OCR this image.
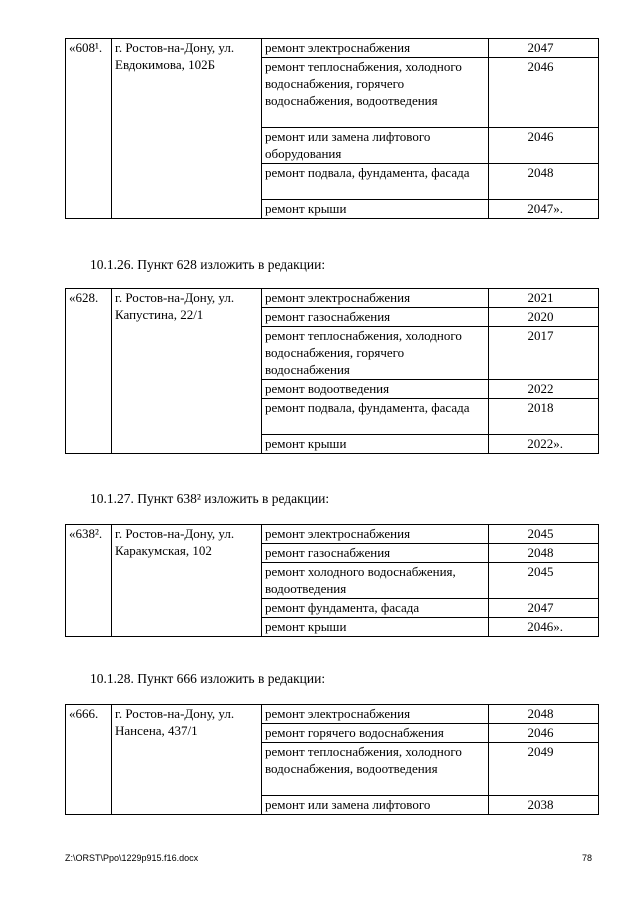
«608¹.	г. Ростов-на-Дону, ул. Евдокимова, 102Б	ремонт электроснабжения	2047
		ремонт теплоснабжения, холодного водоснабжения, горячего водоснабжения, водоотведения	2046
		ремонт или замена лифтового оборудования	2046
		ремонт подвала, фундамента, фасада	2048
		ремонт крыши	2047».
10.1.26. Пункт 628 изложить в редакции:
«628.	г. Ростов-на-Дону, ул. Капустина, 22/1	ремонт электроснабжения	2021
		ремонт газоснабжения	2020
		ремонт теплоснабжения, холодного водоснабжения, горячего водоснабжения	2017
		ремонт водоотведения	2022
		ремонт подвала, фундамента, фасада	2018
		ремонт крыши	2022».
10.1.27. Пункт 638² изложить в редакции:
«638².	г. Ростов-на-Дону, ул. Каракумская, 102	ремонт электроснабжения	2045
		ремонт газоснабжения	2048
		ремонт холодного водоснабжения, водоотведения	2045
		ремонт фундамента, фасада	2047
		ремонт крыши	2046».
10.1.28. Пункт 666 изложить в редакции:
«666.	г. Ростов-на-Дону, ул. Нансена, 437/1	ремонт электроснабжения	2048
		ремонт горячего водоснабжения	2046
		ремонт теплоснабжения, холодного водоснабжения, водоотведения	2049
		ремонт или замена лифтового	2038
Z:\ORST\Ppo\1229p915.f16.docx	78
